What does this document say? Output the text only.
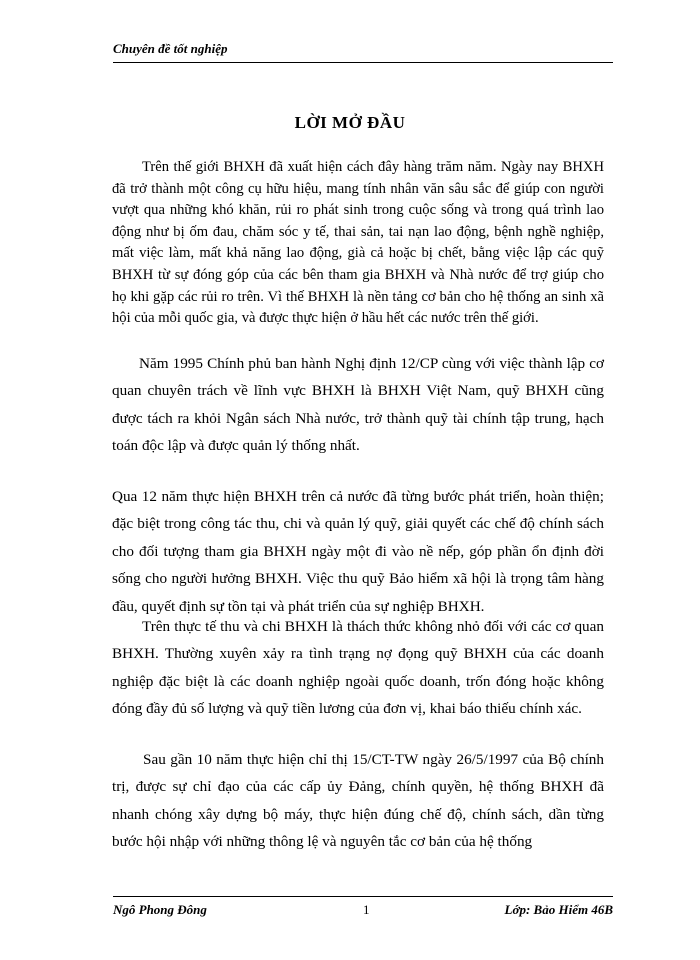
Chuyên đề tốt nghiệp
LỜI MỞ ĐẦU
Trên thế giới BHXH đã xuất hiện cách đây hàng trăm năm. Ngày nay BHXH đã trở thành một công cụ hữu hiệu, mang tính nhân văn sâu sắc để giúp con người vượt qua những khó khăn, rủi ro phát sinh trong cuộc sống và trong quá trình lao động như bị ốm đau, chăm sóc y tế, thai sản, tai nạn lao động, bệnh nghề nghiệp, mất việc làm, mất khả năng lao động, già cả hoặc bị chết, bằng việc lập các quỹ BHXH từ sự đóng góp của các bên tham gia BHXH và Nhà nước để trợ giúp cho họ khi gặp các rủi ro trên. Vì thế BHXH là nền tảng cơ bản cho hệ thống an sinh xã hội của mỗi quốc gia, và được thực hiện ở hầu hết các nước trên thế giới.
Năm 1995 Chính phủ ban hành Nghị định 12/CP cùng với việc thành lập cơ quan chuyên trách về lĩnh vực BHXH là BHXH Việt Nam, quỹ BHXH cũng được tách ra khỏi Ngân sách Nhà nước, trở thành quỹ tài chính tập trung, hạch toán độc lập và được quản lý thống nhất.
Qua 12 năm thực hiện BHXH trên cả nước đã từng bước phát triển, hoàn thiện; đặc biệt trong công tác thu, chi và quản lý quỹ, giải quyết các chế độ chính sách cho đối tượng tham gia BHXH ngày một đi vào nề nếp, góp phần ổn định đời sống cho người hưởng BHXH. Việc thu quỹ Bảo hiểm xã hội là trọng tâm hàng đầu, quyết định sự tồn tại và phát triển của sự nghiệp BHXH.
Trên thực tế thu và chi BHXH là thách thức không nhỏ đối với các cơ quan BHXH. Thường xuyên xảy ra tình trạng nợ đọng quỹ BHXH của các doanh nghiệp đặc biệt là các doanh nghiệp ngoài quốc doanh, trốn đóng hoặc không đóng đầy đủ số lượng và quỹ tiền lương của đơn vị, khai báo thiếu chính xác.
Sau gần 10 năm thực hiện chỉ thị 15/CT-TW ngày 26/5/1997 của Bộ chính trị, được sự chỉ đạo của các cấp ủy Đảng, chính quyền, hệ thống BHXH đã nhanh chóng xây dựng bộ máy, thực hiện đúng chế độ, chính sách, dần từng bước hội nhập với những thông lệ và nguyên tắc cơ bản của hệ thống
Ngô Phong Đông	1	Lớp: Bảo Hiểm 46B
